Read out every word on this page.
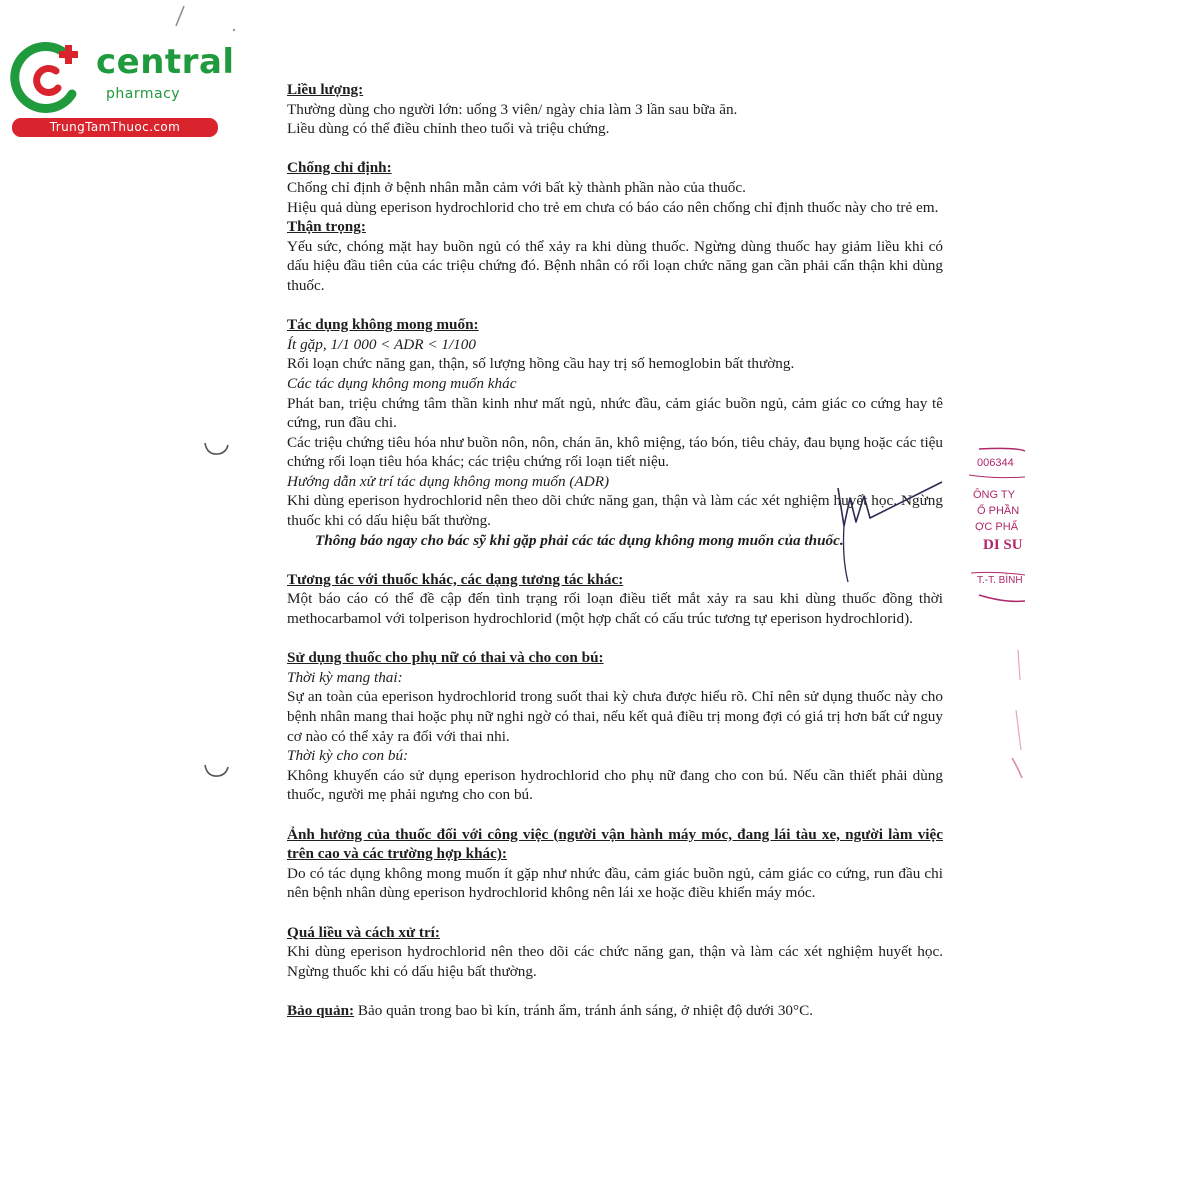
central
pharmacy
TrungTamThuoc.com
Liều lượng:

Thường dùng cho người lớn: uống 3 viên/ ngày chia làm 3 lần sau bữa ăn.

Liều dùng có thể điều chỉnh theo tuổi và triệu chứng.

Chống chỉ định:

Chống chỉ định ở bệnh nhân mẫn cảm với bất kỳ thành phần nào của thuốc.

Hiệu quả dùng eperison hydrochlorid cho trẻ em chưa có báo cáo nên chống chỉ định thuốc này cho trẻ em.

Thận trọng:

Yếu sức, chóng mặt hay buồn ngủ có thể xảy ra khi dùng thuốc. Ngừng dùng thuốc hay giảm liều khi có dấu hiệu đầu tiên của các triệu chứng đó. Bệnh nhân có rối loạn chức năng gan cần phải cẩn thận khi dùng thuốc.

Tác dụng không mong muốn:

Ít gặp, 1/1 000 < ADR < 1/100

Rối loạn chức năng gan, thận, số lượng hồng cầu hay trị số hemoglobin bất thường.

Các tác dụng không mong muốn khác

Phát ban, triệu chứng tâm thần kinh như mất ngủ, nhức đầu, cảm giác buồn ngủ, cảm giác co cứng hay tê cứng, run đầu chi.

Các triệu chứng tiêu hóa như buồn nôn, nôn, chán ăn, khô miệng, táo bón, tiêu chảy, đau bụng hoặc các tiệu chứng rối loạn tiêu hóa khác; các triệu chứng rối loạn tiết niệu.

Hướng dẫn xử trí tác dụng không mong muốn (ADR)

Khi dùng eperison hydrochlorid nên theo dõi chức năng gan, thận và làm các xét nghiệm huyết học. Ngừng thuốc khi có dấu hiệu bất thường.

Thông báo ngay cho bác sỹ khi gặp phải các tác dụng không mong muốn của thuốc.

Tương tác với thuốc khác, các dạng tương tác khác:

Một báo cáo có thể đề cập đến tình trạng rối loạn điều tiết mắt xảy ra sau khi dùng thuốc đồng thời methocarbamol với tolperison hydrochlorid (một hợp chất có cấu trúc tương tự eperison hydrochlorid).

Sử dụng thuốc cho phụ nữ có thai và cho con bú:

Thời kỳ mang thai:

Sự an toàn của eperison hydrochlorid trong suốt thai kỳ chưa được hiểu rõ. Chỉ nên sử dụng thuốc này cho bệnh nhân mang thai hoặc phụ nữ nghi ngờ có thai, nếu kết quả điều trị mong đợi có giá trị hơn bất cứ nguy cơ nào có thể xảy ra đối với thai nhi.

Thời kỳ cho con bú:

Không khuyến cáo sử dụng eperison hydrochlorid cho phụ nữ đang cho con bú. Nếu cần thiết phải dùng thuốc, người mẹ phải ngưng cho con bú.

Ảnh hưởng của thuốc đối với công việc (người vận hành máy móc, đang lái tàu xe, người làm việc trên cao và các trường hợp khác):

Do có tác dụng không mong muốn ít gặp như nhức đầu, cảm giác buồn ngủ, cảm giác co cứng, run đầu chi nên bệnh nhân dùng eperison hydrochlorid không nên lái xe hoặc điều khiển máy móc.

Quá liều và cách xử trí:

Khi dùng eperison hydrochlorid nên theo dõi các chức năng gan, thận và làm các xét nghiệm huyết học. Ngừng thuốc khi có dấu hiệu bất thường.

Bảo quản: Bảo quản trong bao bì kín, tránh ẩm, tránh ánh sáng, ở nhiệt độ dưới 30°C.

006344
ÔNG TY
Ổ PHẦN
ỢC PHẨ
DI SU
T.-T. BÌNH
